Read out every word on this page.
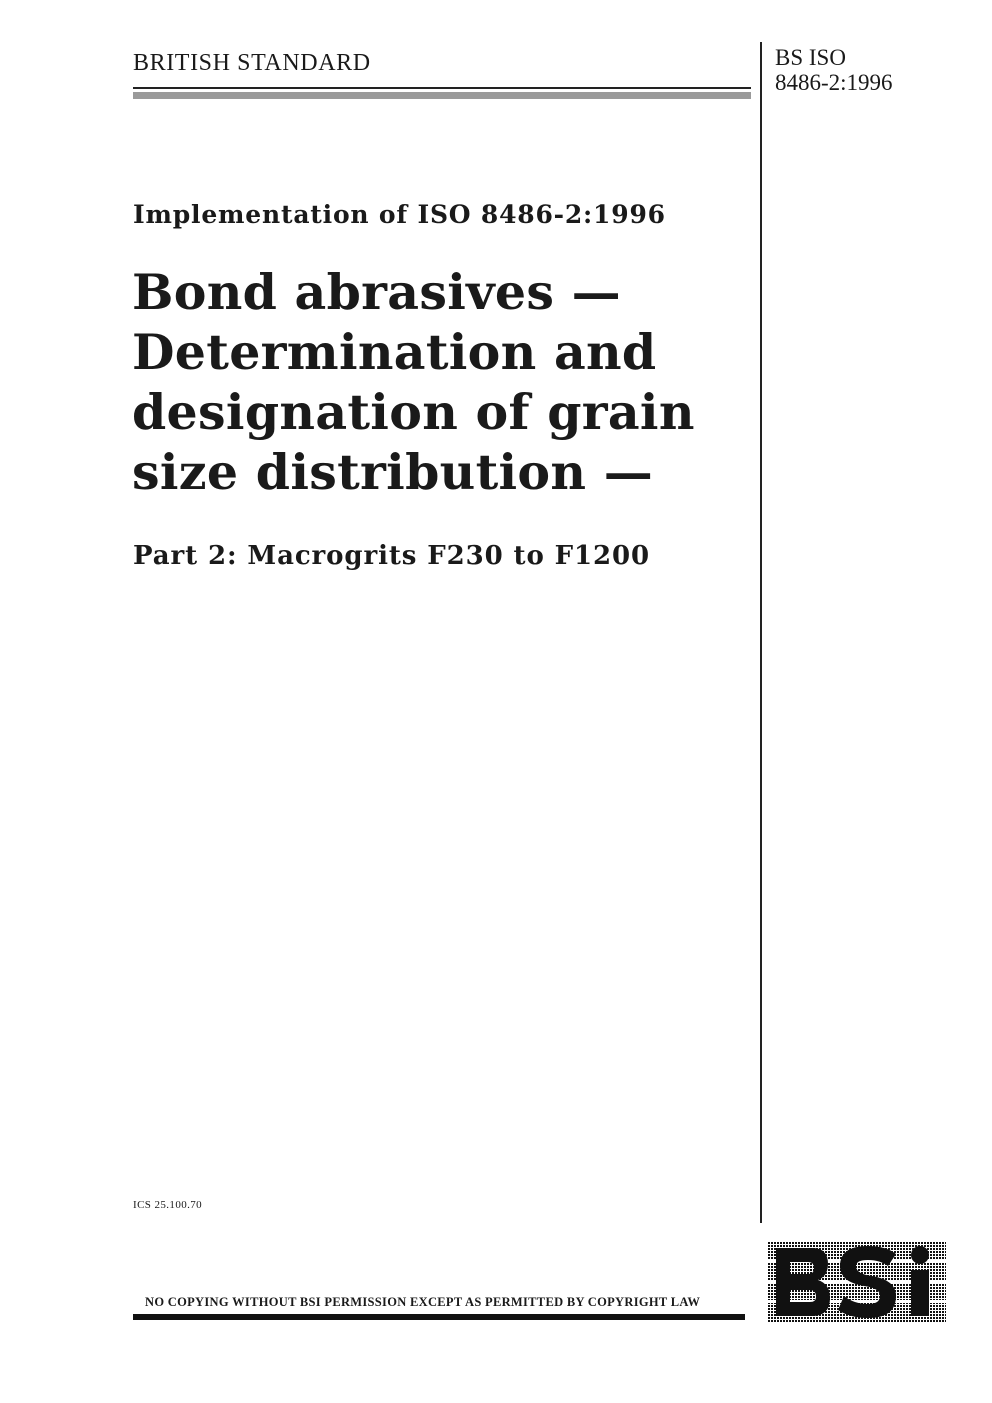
BRITISH STANDARD	BS ISO
8486-2:1996
Implementation of ISO 8486-2:1996
Bond abrasives —
Determination and
designation of grain
size distribution —
Part 2: Macrogrits F230 to F1200
ICS 25.100.70
NO COPYING WITHOUT BSI PERMISSION EXCEPT AS PERMITTED BY COPYRIGHT LAW
